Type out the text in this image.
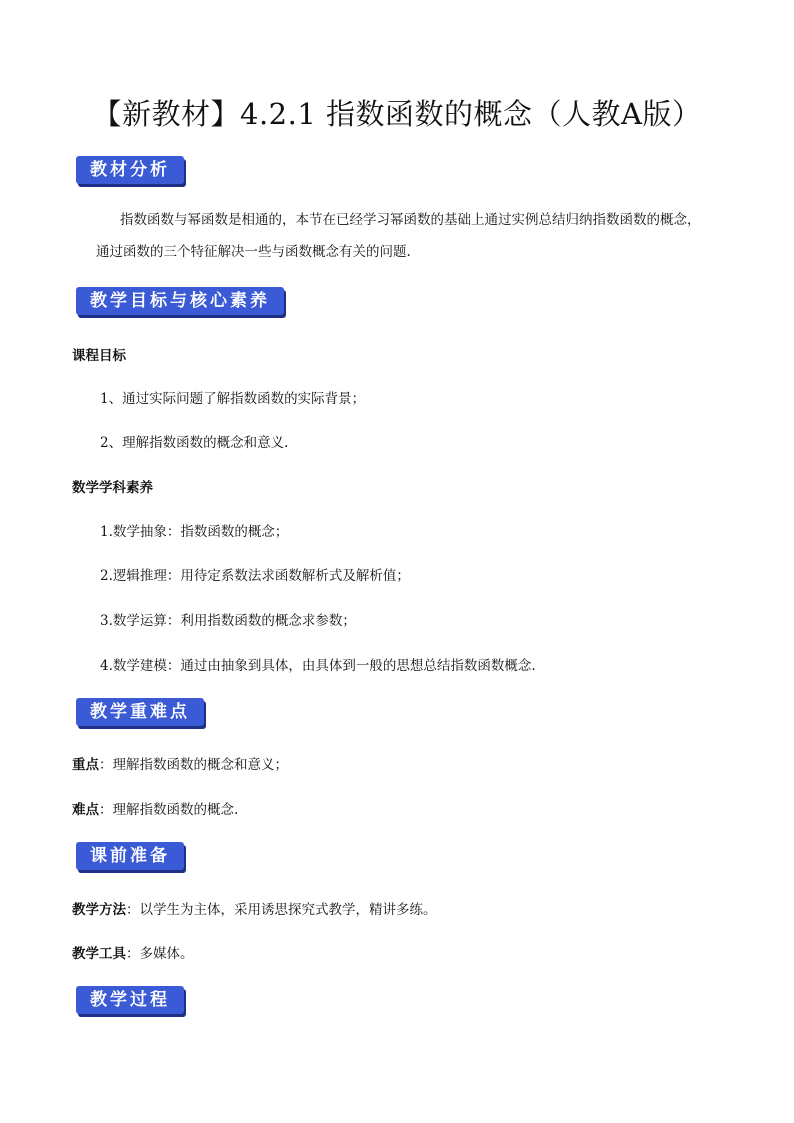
【新教材】4.2.1 指数函数的概念（人教A版）
教材分析
指数函数与幂函数是相通的，本节在已经学习幂函数的基础上通过实例总结归纳指数函数的概念，
通过函数的三个特征解决一些与函数概念有关的问题.
教学目标与核心素养
课程目标
1、通过实际问题了解指数函数的实际背景；
2、理解指数函数的概念和意义.
数学学科素养
1.数学抽象：指数函数的概念；
2.逻辑推理：用待定系数法求函数解析式及解析值；
3.数学运算：利用指数函数的概念求参数；
4.数学建模：通过由抽象到具体，由具体到一般的思想总结指数函数概念.
教学重难点
重点：理解指数函数的概念和意义；
难点：理解指数函数的概念.
课前准备
教学方法：以学生为主体，采用诱思探究式教学，精讲多练。
教学工具：多媒体。
教学过程
